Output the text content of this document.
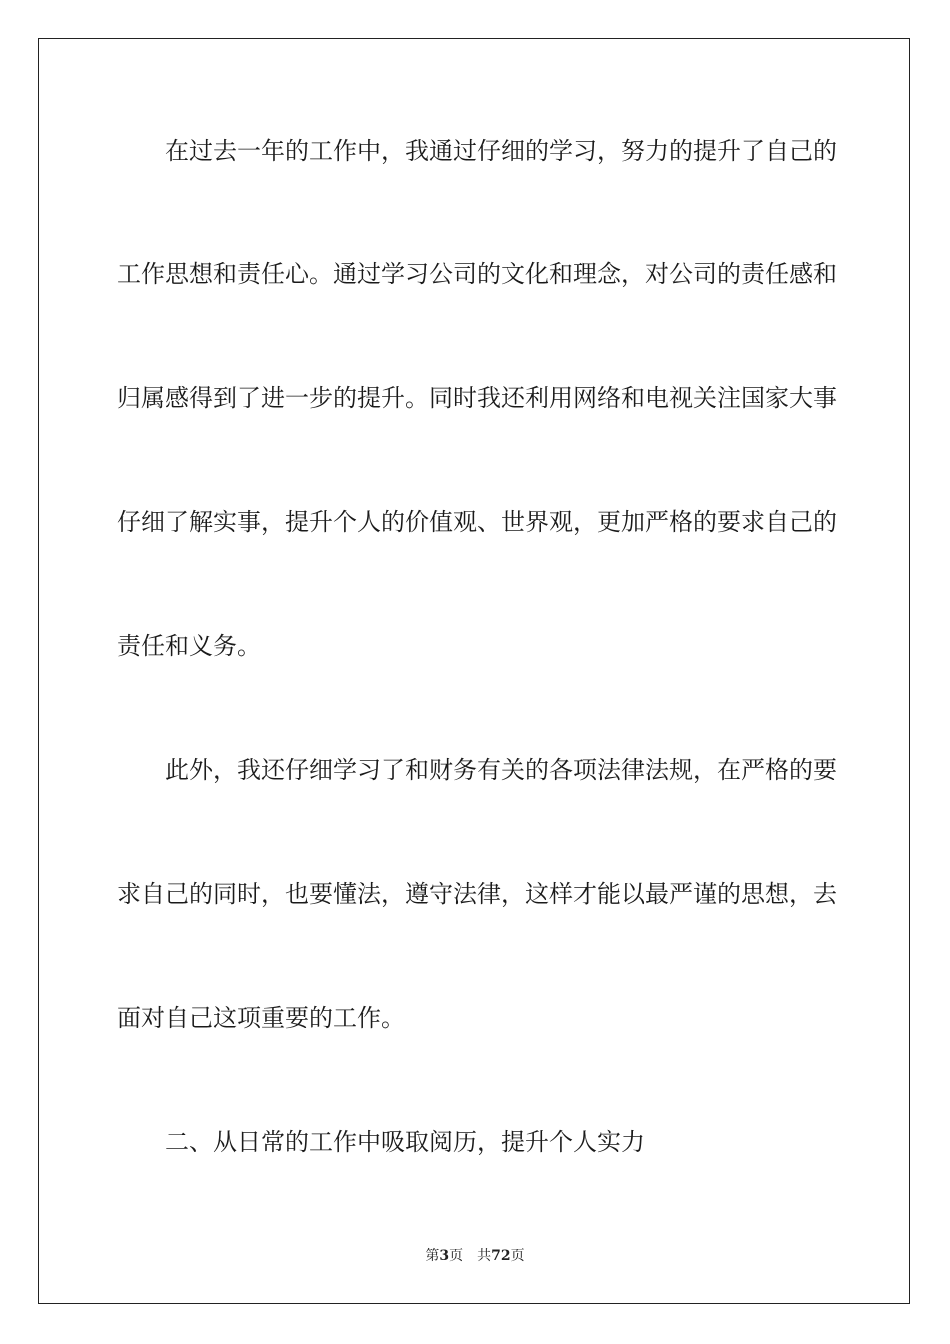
在过去一年的工作中，我通过仔细的学习，努力的提升了自己的
工作思想和责任心。通过学习公司的文化和理念，对公司的责任感和
归属感得到了进一步的提升。同时我还利用网络和电视关注国家大事
仔细了解实事，提升个人的价值观、世界观，更加严格的要求自己的
责任和义务。
此外，我还仔细学习了和财务有关的各项法律法规，在严格的要
求自己的同时，也要懂法，遵守法律，这样才能以最严谨的思想，去
面对自己这项重要的工作。
二、从日常的工作中吸取阅历，提升个人实力
第3页 共72页
